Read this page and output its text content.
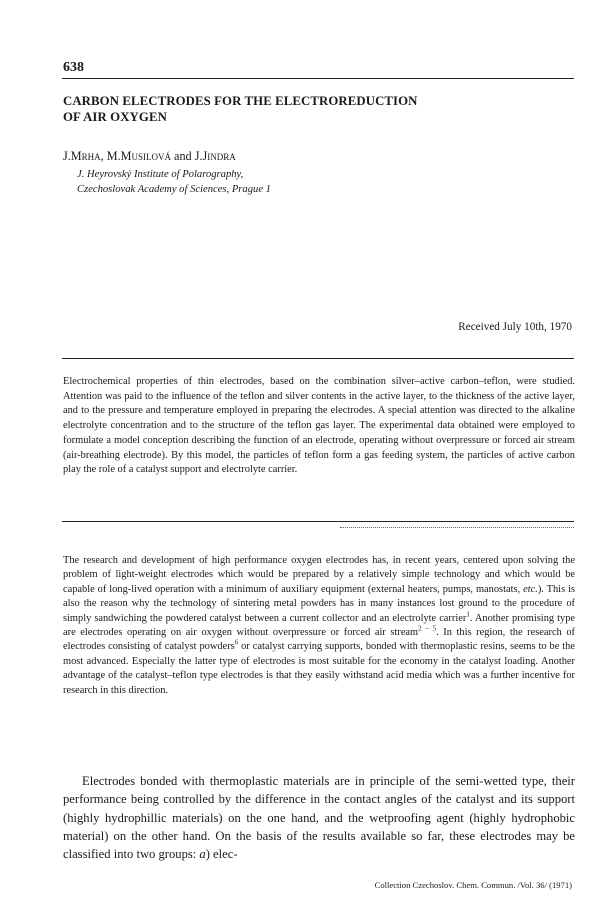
638
CARBON ELECTRODES FOR THE ELECTROREDUCTION
OF AIR OXYGEN
J.Mrha, M.Musilová and J.Jindra
J. Heyrovský Institute of Polarography,
Czechoslovak Academy of Sciences, Prague 1
Received July 10th, 1970

Electrochemical properties of thin electrodes, based on the combination silver–active carbon–teflon, were studied. Attention was paid to the influence of the teflon and silver contents in the active layer, to the thickness of the active layer, and to the pressure and temperature employed in preparing the electrodes. A special attention was directed to the alkaline electrolyte concentration and to the structure of the teflon gas layer. The experimental data obtained were employed to formulate a model conception describing the function of an electrode, operating without overpressure or forced air stream (air-breathing electrode). By this model, the particles of teflon form a gas feeding system, the particles of active carbon play the role of a catalyst support and electrolyte carrier.

The research and development of high performance oxygen electrodes has, in recent years, centered upon solving the problem of light-weight electrodes which would be prepared by a relatively simple technology and which would be capable of long-lived operation with a minimum of auxiliary equipment (external heaters, pumps, manostats, etc.). This is also the reason why the technology of sintering metal powders has in many instances lost ground to the procedure of simply sandwiching the powdered catalyst between a current collector and an electrolyte carrier$^1$. Another promising type are electrodes operating on air oxygen without overpressure or forced air stream$^{2 - 5}$. In this region, the research of electrodes consisting of catalyst powders$^6$ or catalyst carrying supports, bonded with thermoplastic resins, seems to be the most advanced. Especially the latter type of electrodes is most suitable for the economy in the catalyst loading. Another advantage of the catalyst–teflon type electrodes is that they easily withstand acid media which was a further incentive for research in this direction.

Electrodes bonded with thermoplastic materials are in principle of the semi-wetted type, their performance being controlled by the difference in the contact angles of the catalyst and its support (highly hydrophillic materials) on the one hand, and the wetproofing agent (highly hydrophobic material) on the other hand. On the basis of the results available so far, these electrodes may be classified into two groups: a) elec-

Collection Czechoslov. Chem. Commun. /Vol. 36/ (1971)
